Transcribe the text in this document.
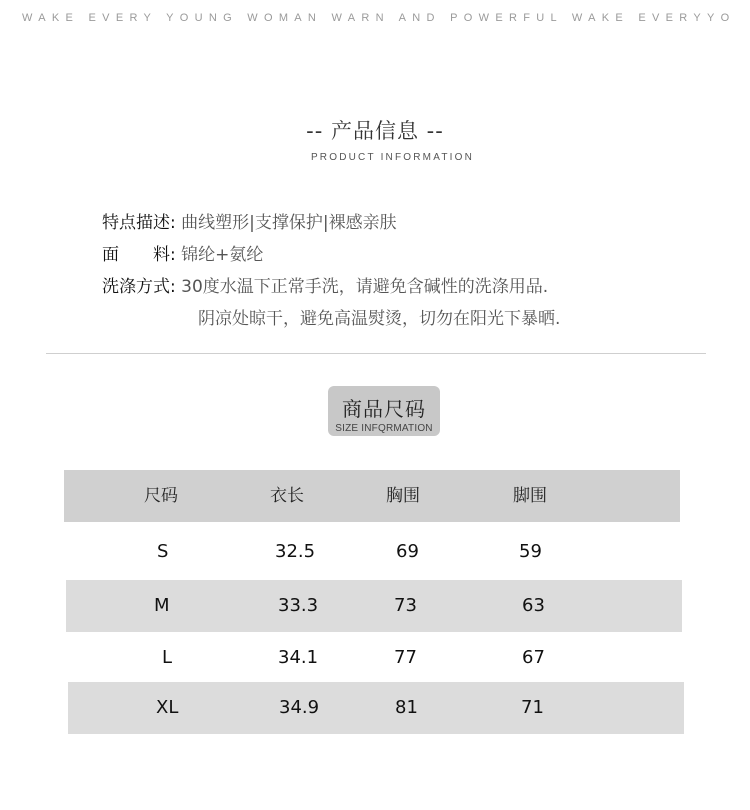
WAKE EVERY YOUNG WOMAN WARN AND POWERFUL WAKE EVERYYO
-- 产品信息 --
PRODUCT INFORMATION
特点描述: 曲线塑形|支撑保护|裸感亲肤
面　　料: 锦纶+氨纶
洗涤方式: 30度水温下正常手洗，请避免含碱性的洗涤用品.
阴凉处晾干，避免高温熨烫，切勿在阳光下暴晒.
商品尺码
SIZE INFQRMATION
尺码	衣长	胸围	脚围
S	32.5	69	59
M	33.3	73	63
L	34.1	77	67
XL	34.9	81	71
